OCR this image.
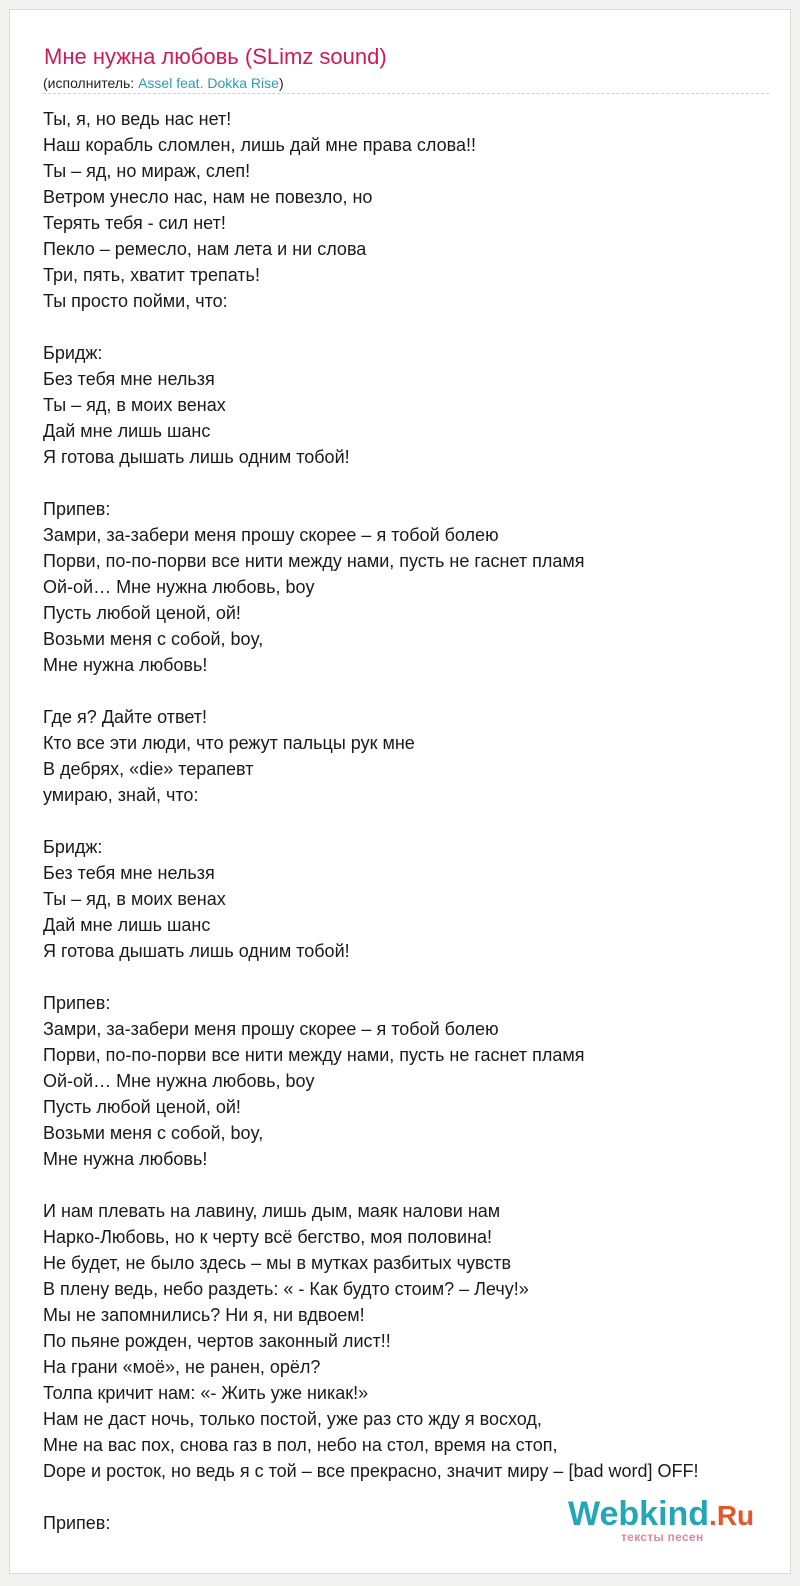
Мне нужна любовь (SLimz sound)
(исполнитель: Assel feat. Dokka Rise)
Ты, я, но ведь нас нет!
Наш корабль сломлен, лишь дай мне права слова!!
Ты – яд, но мираж, слеп!
Ветром унесло нас, нам не повезло, но
Терять тебя - сил нет!
Пекло – ремесло, нам лета и ни слова
Три, пять, хватит трепать!
Ты просто пойми, что:
Бридж:
Без тебя мне нельзя
Ты – яд, в моих венах
Дай мне лишь шанс
Я готова дышать лишь одним тобой!
Припев:
Замри, за-забери меня прошу скорее – я тобой болею
Порви, по-по-порви все нити между нами, пусть не гаснет пламя
Ой-ой… Мне нужна любовь, boy
Пусть любой ценой, ой!
Возьми меня с собой, boy,
Мне нужна любовь!
Где я? Дайте ответ!
Кто все эти люди, что режут пальцы рук мне
В дебрях, «die» терапевт
умираю, знай, что:
Бридж:
Без тебя мне нельзя
Ты – яд, в моих венах
Дай мне лишь шанс
Я готова дышать лишь одним тобой!
Припев:
Замри, за-забери меня прошу скорее – я тобой болею
Порви, по-по-порви все нити между нами, пусть не гаснет пламя
Ой-ой… Мне нужна любовь, boy
Пусть любой ценой, ой!
Возьми меня с собой, boy,
Мне нужна любовь!
И нам плевать на лавину, лишь дым, маяк налови нам
Нарко-Любовь, но к черту всё бегство, моя половина!
Не будет, не было здесь – мы в мутках разбитых чувств
В плену ведь, небо раздеть: « - Как будто стоим? – Лечу!»
Мы не запомнились? Ни я, ни вдвоем!
По пьяне рожден, чертов законный лист!!
На грани «моё», не ранен, орёл?
Толпа кричит нам: «- Жить уже никак!»
Нам не даст ночь, только постой, уже раз сто жду я восход,
Мне на вас пох, снова газ в пол, небо на стол, время на стоп,
Dope и росток, но ведь я с той – все прекрасно, значит миру – [bad word] OFF!
Припев:	Webkind.Ru
тексты песен
